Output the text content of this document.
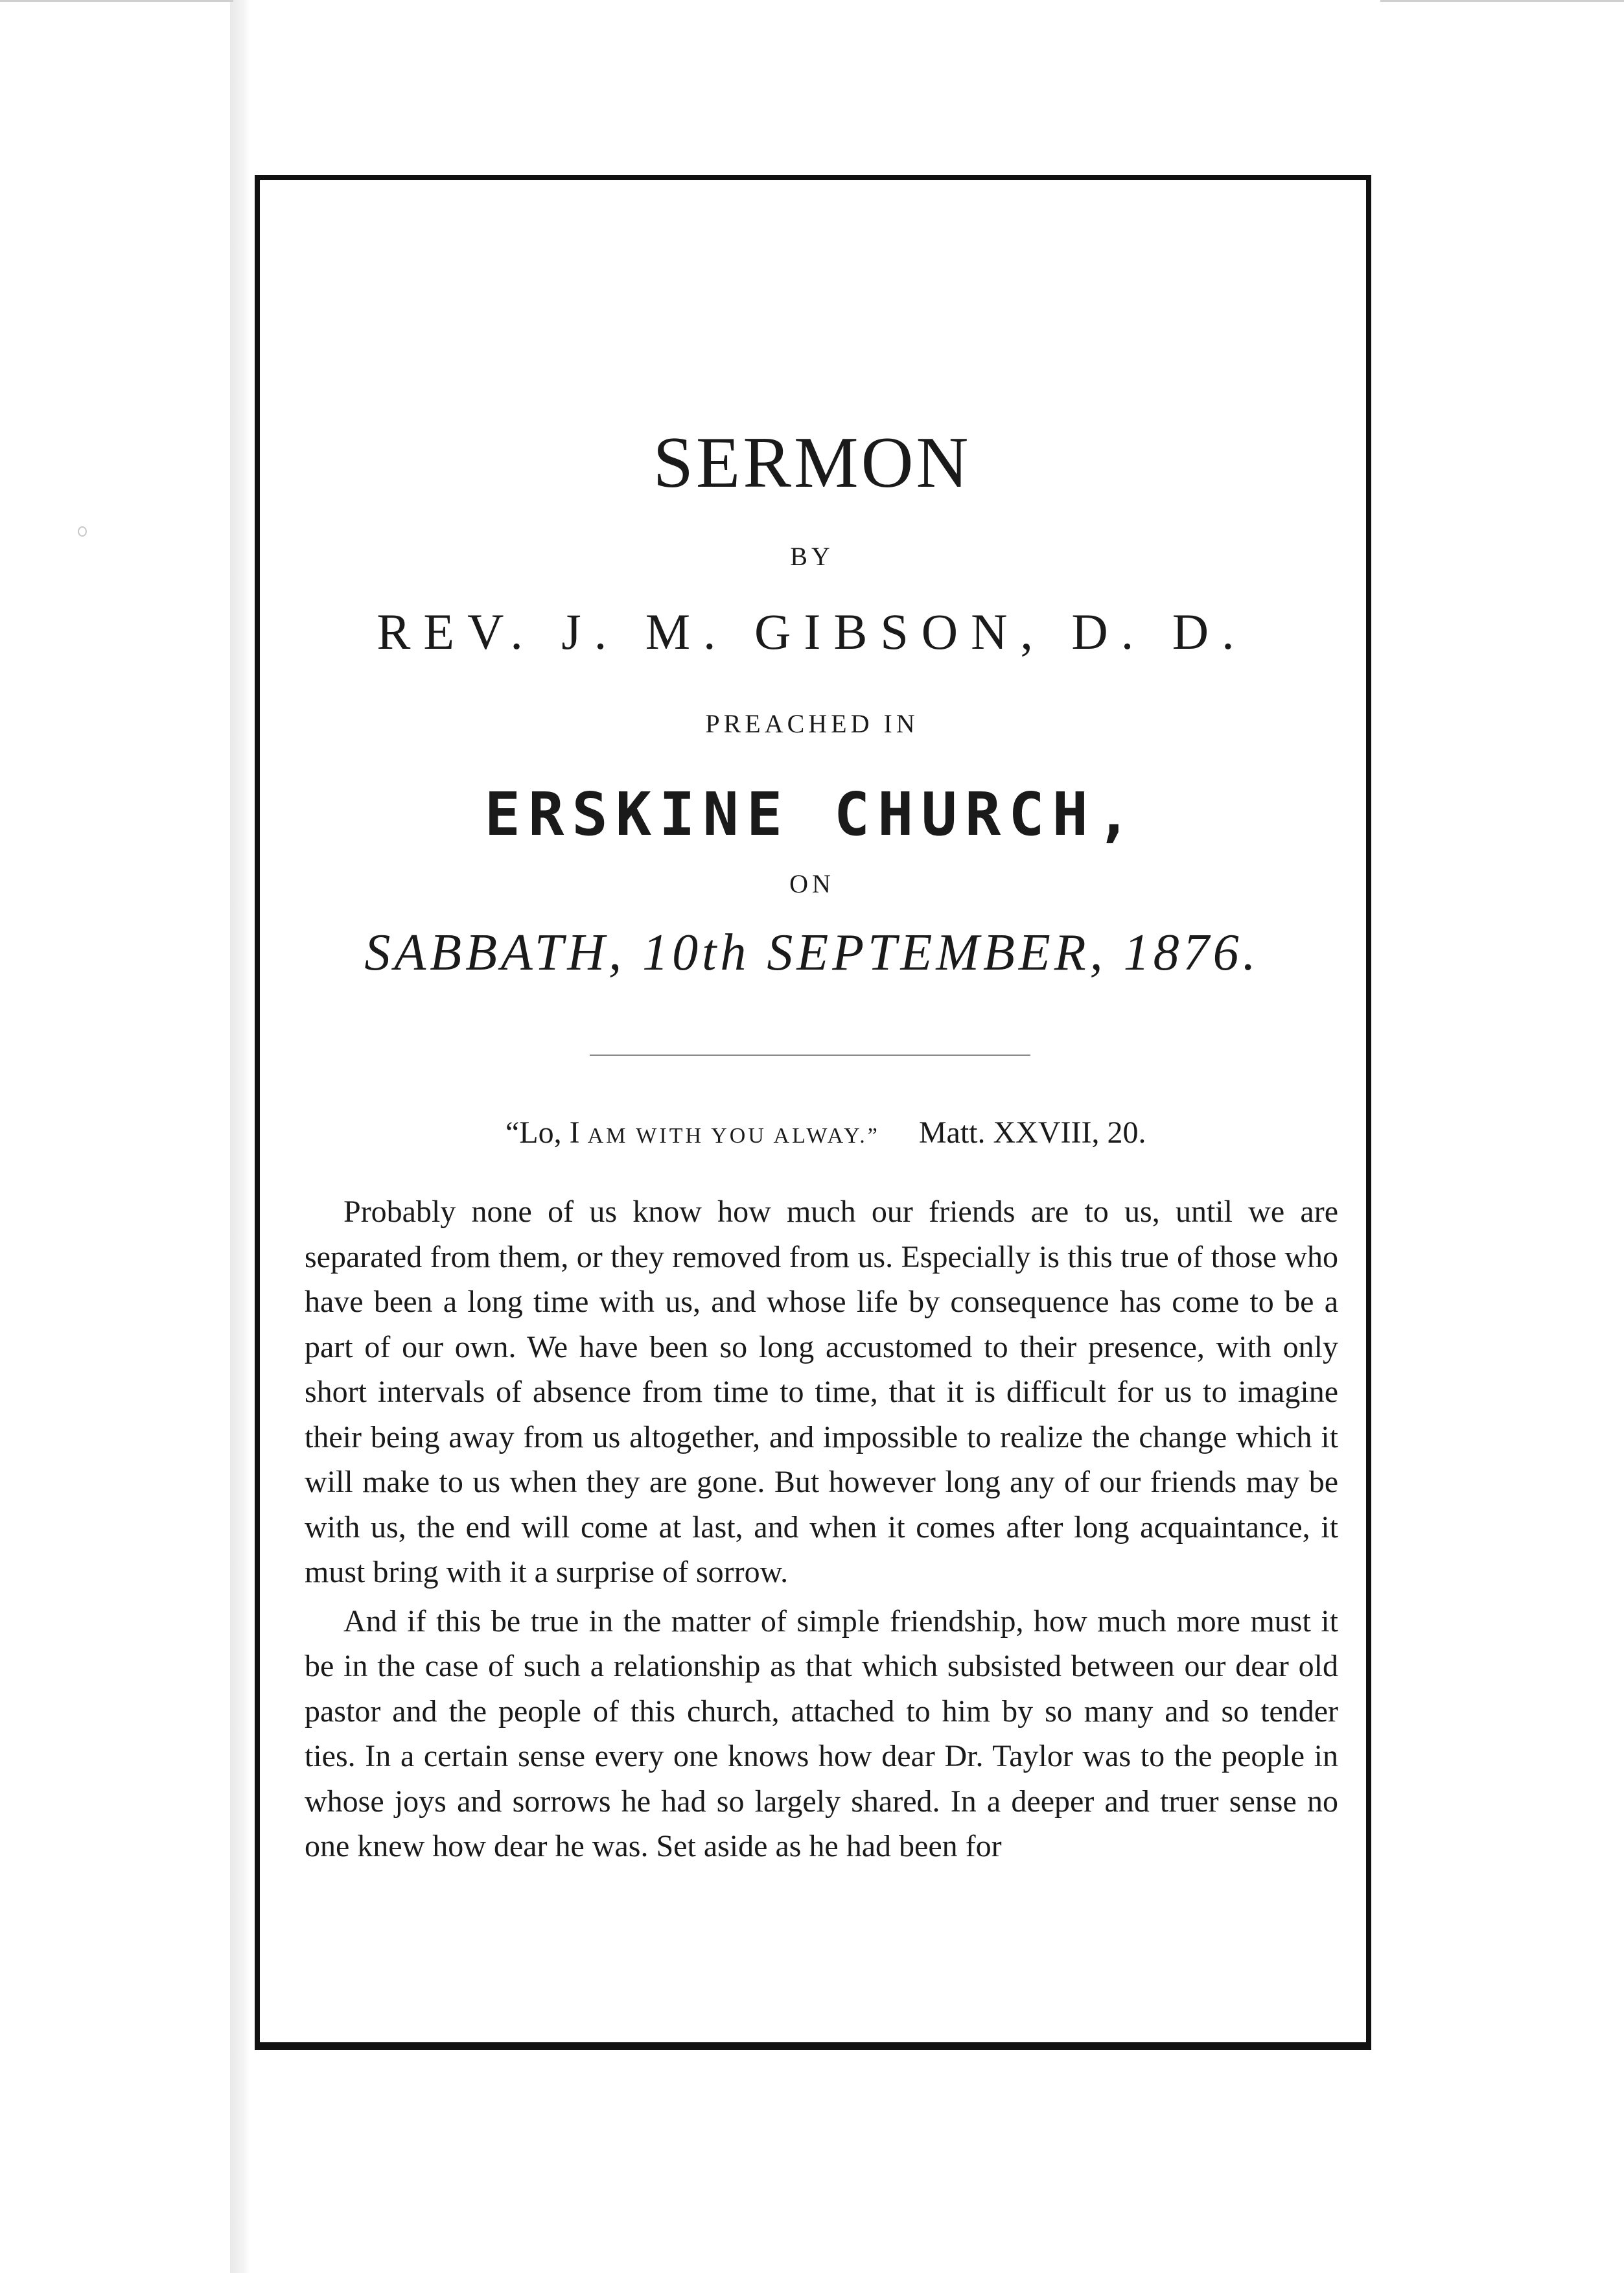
SERMON
BY
REV. J. M. GIBSON, D. D.
PREACHED IN
ERSKINE CHURCH,
ON
SABBATH, 10th SEPTEMBER, 1876.
“Lo, I AM WITH YOU ALWAY.” Matt. XXVIII, 20.

Probably none of us know how much our friends are to us, until we are separated from them, or they removed from us. Especially is this true of those who have been a long time with us, and whose life by consequence has come to be a part of our own. We have been so long accustomed to their presence, with only short intervals of absence from time to time, that it is difficult for us to imagine their being away from us altogether, and impossible to realize the change which it will make to us when they are gone. But however long any of our friends may be with us, the end will come at last, and when it comes after long acquaintance, it must bring with it a surprise of sorrow.

And if this be true in the matter of simple friendship, how much more must it be in the case of such a relationship as that which subsisted between our dear old pastor and the people of this church, attached to him by so many and so tender ties. In a certain sense every one knows how dear Dr. Taylor was to the people in whose joys and sorrows he had so largely shared. In a deeper and truer sense no one knew how dear he was. Set aside as he had been for
